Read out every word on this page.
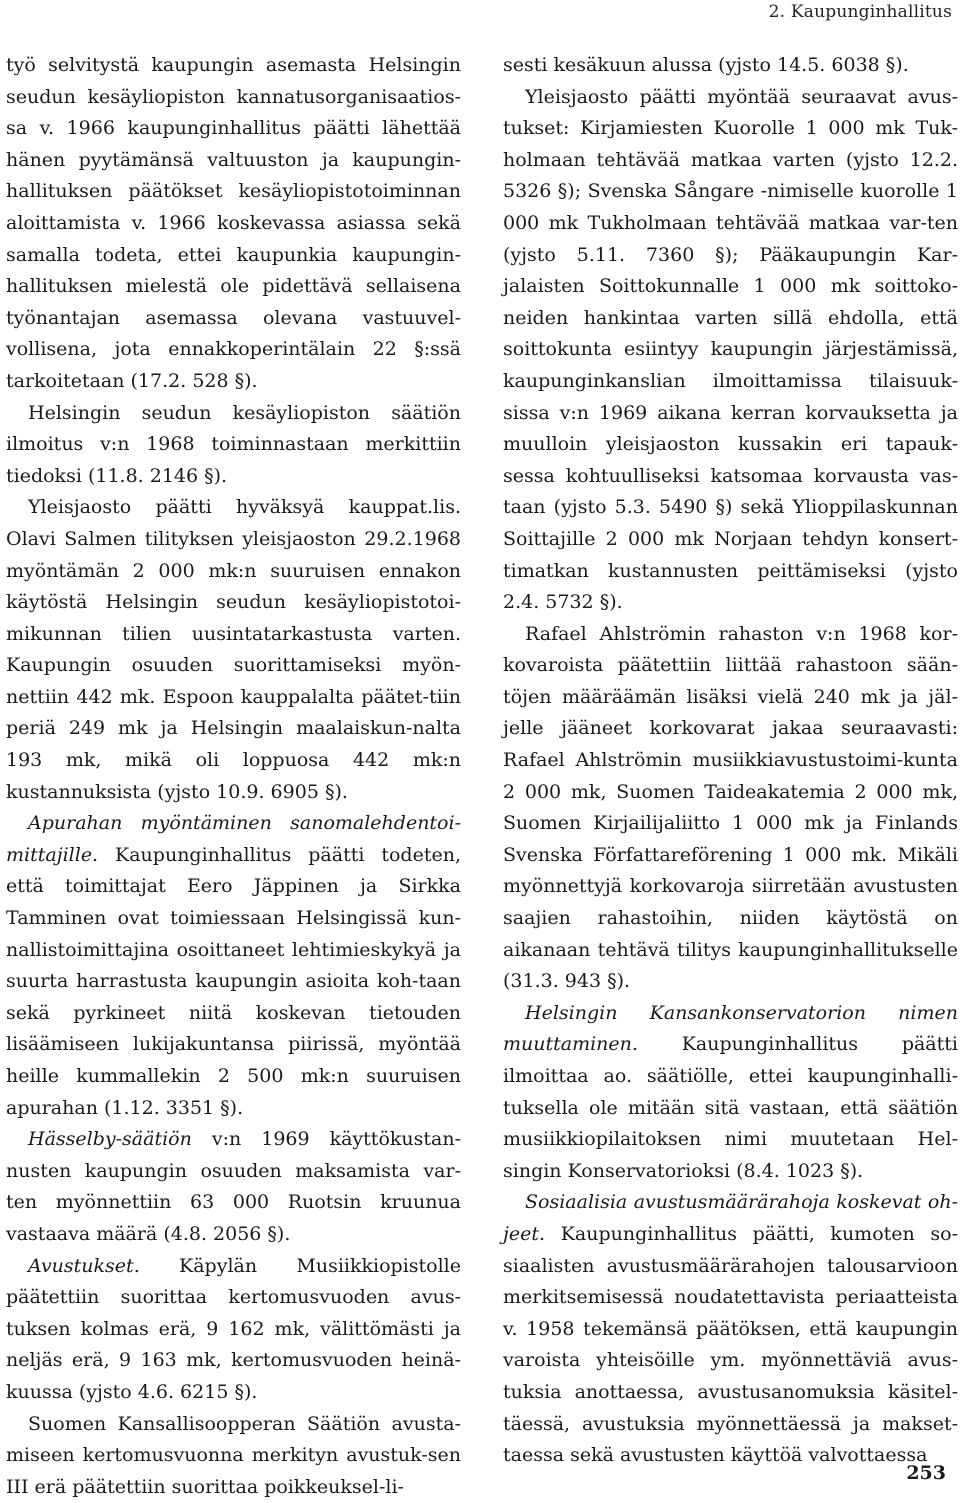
2. Kaupunginhallitus

työ selvitystä kaupungin asemasta Helsingin seudun kesäyliopiston kannatusorganisaatios-sa v. 1966 kaupunginhallitus päätti lähettää hänen pyytämänsä valtuuston ja kaupungin-hallituksen päätökset kesäyliopistotoiminnan aloittamista v. 1966 koskevassa asiassa sekä samalla todeta, ettei kaupunkia kaupungin-hallituksen mielestä ole pidettävä sellaisena työnantajan asemassa olevana vastuuvel-vollisena, jota ennakkoperintälain 22 §:ssä tarkoitetaan (17.2. 528 §).

Helsingin seudun kesäyliopiston säätiön ilmoitus v:n 1968 toiminnastaan merkittiin tiedoksi (11.8. 2146 §).

Yleisjaosto päätti hyväksyä kauppat.lis. Olavi Salmen tilityksen yleisjaoston 29.2.1968 myöntämän 2 000 mk:n suuruisen ennakon käytöstä Helsingin seudun kesäyliopistotoi-mikunnan tilien uusintatarkastusta varten. Kaupungin osuuden suorittamiseksi myön-nettiin 442 mk. Espoon kauppalalta päätet-tiin periä 249 mk ja Helsingin maalaiskun-nalta 193 mk, mikä oli loppuosa 442 mk:n kustannuksista (yjsto 10.9. 6905 §).

Apurahan myöntäminen sanomalehdentoi-mittajille. Kaupunginhallitus päätti todeten, että toimittajat Eero Jäppinen ja Sirkka Tamminen ovat toimiessaan Helsingissä kun-nallistoimittajina osoittaneet lehtimieskykyä ja suurta harrastusta kaupungin asioita koh-taan sekä pyrkineet niitä koskevan tietouden lisäämiseen lukijakuntansa piirissä, myöntää heille kummallekin 2 500 mk:n suuruisen apurahan (1.12. 3351 §).

Hässelby-säätiön v:n 1969 käyttökustan-nusten kaupungin osuuden maksamista var-ten myönnettiin 63 000 Ruotsin kruunua vastaava määrä (4.8. 2056 §).

Avustukset. Käpylän Musiikkiopistolle päätettiin suorittaa kertomusvuoden avus-tuksen kolmas erä, 9 162 mk, välittömästi ja neljäs erä, 9 163 mk, kertomusvuoden heinä-kuussa (yjsto 4.6. 6215 §).

Suomen Kansallisoopperan Säätiön avusta-miseen kertomusvuonna merkityn avustuk-sen III erä päätettiin suorittaa poikkeuksel-li-

sesti kesäkuun alussa (yjsto 14.5. 6038 §).

Yleisjaosto päätti myöntää seuraavat avus-tukset: Kirjamiesten Kuorolle 1 000 mk Tuk-holmaan tehtävää matkaa varten (yjsto 12.2. 5326 §); Svenska Sångare -nimiselle kuorolle 1 000 mk Tukholmaan tehtävää matkaa var-ten (yjsto 5.11. 7360 §); Pääkaupungin Kar-jalaisten Soittokunnalle 1 000 mk soittoko-neiden hankintaa varten sillä ehdolla, että soittokunta esiintyy kaupungin järjestämissä, kaupunginkanslian ilmoittamissa tilaisuuk-sissa v:n 1969 aikana kerran korvauksetta ja muulloin yleisjaoston kussakin eri tapauk-sessa kohtuulliseksi katsomaa korvausta vas-taan (yjsto 5.3. 5490 §) sekä Ylioppilaskunnan Soittajille 2 000 mk Norjaan tehdyn konsert-timatkan kustannusten peittämiseksi (yjsto 2.4. 5732 §).

Rafael Ahlströmin rahaston v:n 1968 kor-kovaroista päätettiin liittää rahastoon sään-töjen määräämän lisäksi vielä 240 mk ja jäl-jelle jääneet korkovarat jakaa seuraavasti: Rafael Ahlströmin musiikkiavustustoimi-kunta 2 000 mk, Suomen Taideakatemia 2 000 mk, Suomen Kirjailijaliitto 1 000 mk ja Finlands Svenska Författareförening 1 000 mk. Mikäli myönnettyjä korkovaroja siirretään avustusten saajien rahastoihin, niiden käytöstä on aikanaan tehtävä tilitys kaupunginhallitukselle (31.3. 943 §).

Helsingin Kansankonservatorion nimen muuttaminen. Kaupunginhallitus päätti ilmoittaa ao. säätiölle, ettei kaupunginhalli-tuksella ole mitään sitä vastaan, että säätiön musiikkiopilaitoksen nimi muutetaan Hel-singin Konservatorioksi (8.4. 1023 §).

Sosiaalisia avustusmäärärahoja koskevat oh-jeet. Kaupunginhallitus päätti, kumoten so-siaalisten avustusmäärärahojen talousarvioon merkitsemisessä noudatettavista periaatteista v. 1958 tekemänsä päätöksen, että kaupungin varoista yhteisöille ym. myönnettäviä avus-tuksia anottaessa, avustusanomuksia käsitel-täessä, avustuksia myönnettäessä ja makset-taessa sekä avustusten käyttöä valvottaessa

253
